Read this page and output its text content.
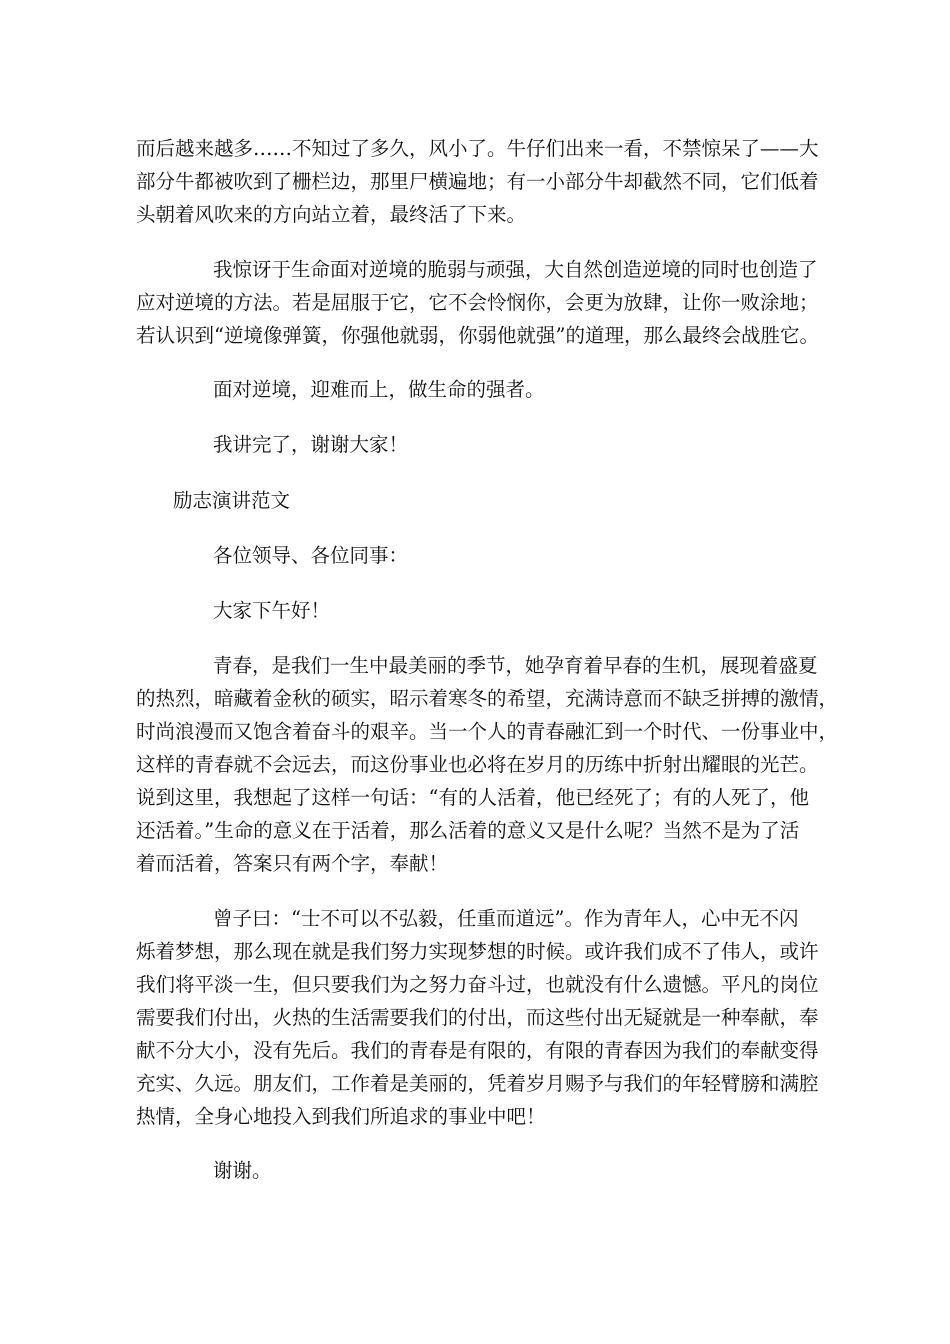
而后越来越多……不知过了多久，风小了。牛仔们出来一看，不禁惊呆了——大
部分牛都被吹到了栅栏边，那里尸横遍地；有一小部分牛却截然不同，它们低着
头朝着风吹来的方向站立着，最终活了下来。

我惊讶于生命面对逆境的脆弱与顽强，大自然创造逆境的同时也创造了
应对逆境的方法。若是屈服于它，它不会怜悯你，会更为放肆，让你一败涂地；
若认识到“逆境像弹簧，你强他就弱，你弱他就强”的道理，那么最终会战胜它。

面对逆境，迎难而上，做生命的强者。

我讲完了，谢谢大家！

励志演讲范文

各位领导、各位同事：

大家下午好！

青春，是我们一生中最美丽的季节，她孕育着早春的生机，展现着盛夏
的热烈，暗藏着金秋的硕实，昭示着寒冬的希望，充满诗意而不缺乏拼搏的激情，
时尚浪漫而又饱含着奋斗的艰辛。当一个人的青春融汇到一个时代、一份事业中，
这样的青春就不会远去，而这份事业也必将在岁月的历练中折射出耀眼的光芒。
说到这里，我想起了这样一句话：“有的人活着，他已经死了；有的人死了，他
还活着。”生命的意义在于活着，那么活着的意义又是什么呢？当然不是为了活
着而活着，答案只有两个字，奉献！

曾子曰：“士不可以不弘毅，任重而道远”。作为青年人，心中无不闪
烁着梦想，那么现在就是我们努力实现梦想的时候。或许我们成不了伟人，或许
我们将平淡一生，但只要我们为之努力奋斗过，也就没有什么遗憾。平凡的岗位
需要我们付出，火热的生活需要我们的付出，而这些付出无疑就是一种奉献，奉
献不分大小，没有先后。我们的青春是有限的，有限的青春因为我们的奉献变得
充实、久远。朋友们，工作着是美丽的，凭着岁月赐予与我们的年轻臂膀和满腔
热情，全身心地投入到我们所追求的事业中吧！

谢谢。
